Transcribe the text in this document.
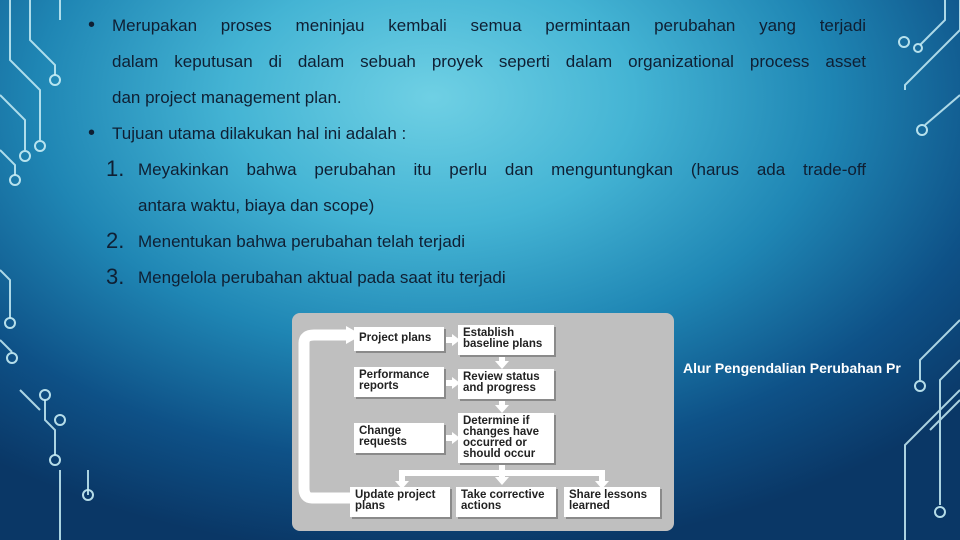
• Merupakan proses meninjau kembali semua permintaan perubahan yang terjadi
dalam keputusan di dalam sebuah proyek seperti dalam organizational process asset
dan project management plan.
• Tujuan utama dilakukan hal ini adalah :
1. Meyakinkan bahwa perubahan itu perlu dan menguntungkan (harus ada trade-off
antara waktu, biaya dan scope)
2. Menentukan bahwa perubahan telah terjadi
3. Mengelola perubahan aktual pada saat itu terjadi
Project plans
Performance
reports
Change
requests
Establish
baseline plans
Review status
and progress
Determine if
changes have
occurred or
should occur
Update project
plans
Take corrective
actions
Share lessons
learned
Alur Pengendalian Perubahan Pr
